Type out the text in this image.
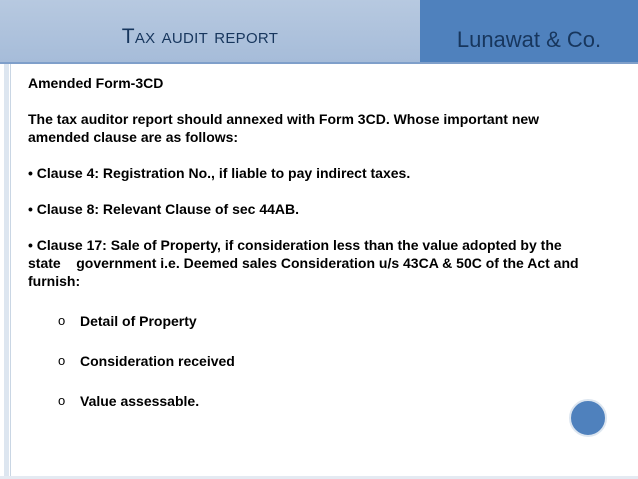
Tax audit report	Lunawat & Co.

Amended Form-3CD

The tax auditor report should annexed with Form 3CD. Whose important new amended clause are as follows:

• Clause 4: Registration No., if liable to pay indirect taxes.

• Clause 8: Relevant Clause of sec 44AB.

• Clause 17: Sale of Property, if consideration less than the value adopted by the state    government i.e. Deemed sales Consideration u/s 43CA & 50C of the Act and furnish:

o Detail of Property
o Consideration received
o Value assessable.
